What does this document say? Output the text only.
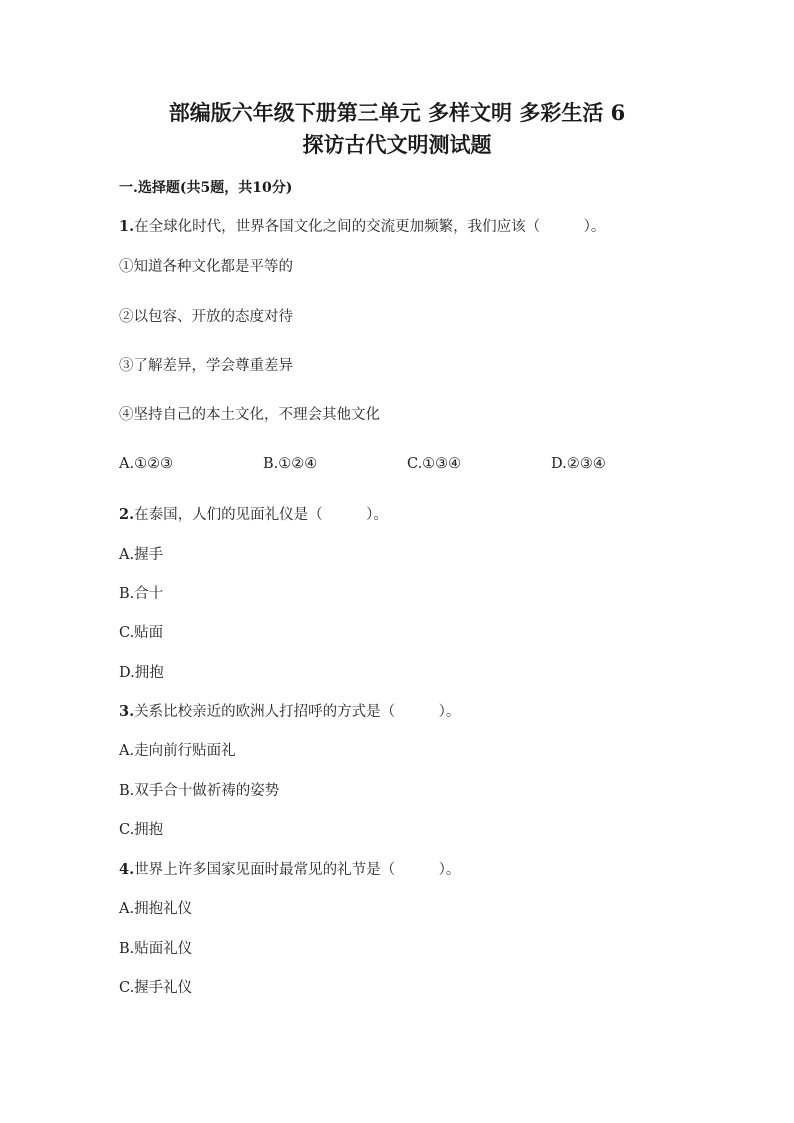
部编版六年级下册第三单元 多样文明 多彩生活 6
探访古代文明测试题
一.选择题(共5题，共10分)
1.在全球化时代，世界各国文化之间的交流更加频繁，我们应该（　　　）。
①知道各种文化都是平等的
②以包容、开放的态度对待
③了解差异，学会尊重差异
④坚持自己的本土文化，不理会其他文化
A.①②③	B.①②④	C.①③④	D.②③④
2.在泰国，人们的见面礼仪是（　　　）。
A.握手
B.合十
C.贴面
D.拥抱
3.关系比校亲近的欧洲人打招呼的方式是（　　　）。
A.走向前行贴面礼
B.双手合十做祈祷的姿势
C.拥抱
4.世界上许多国家见面时最常见的礼节是（　　　）。
A.拥抱礼仪
B.贴面礼仪
C.握手礼仪
